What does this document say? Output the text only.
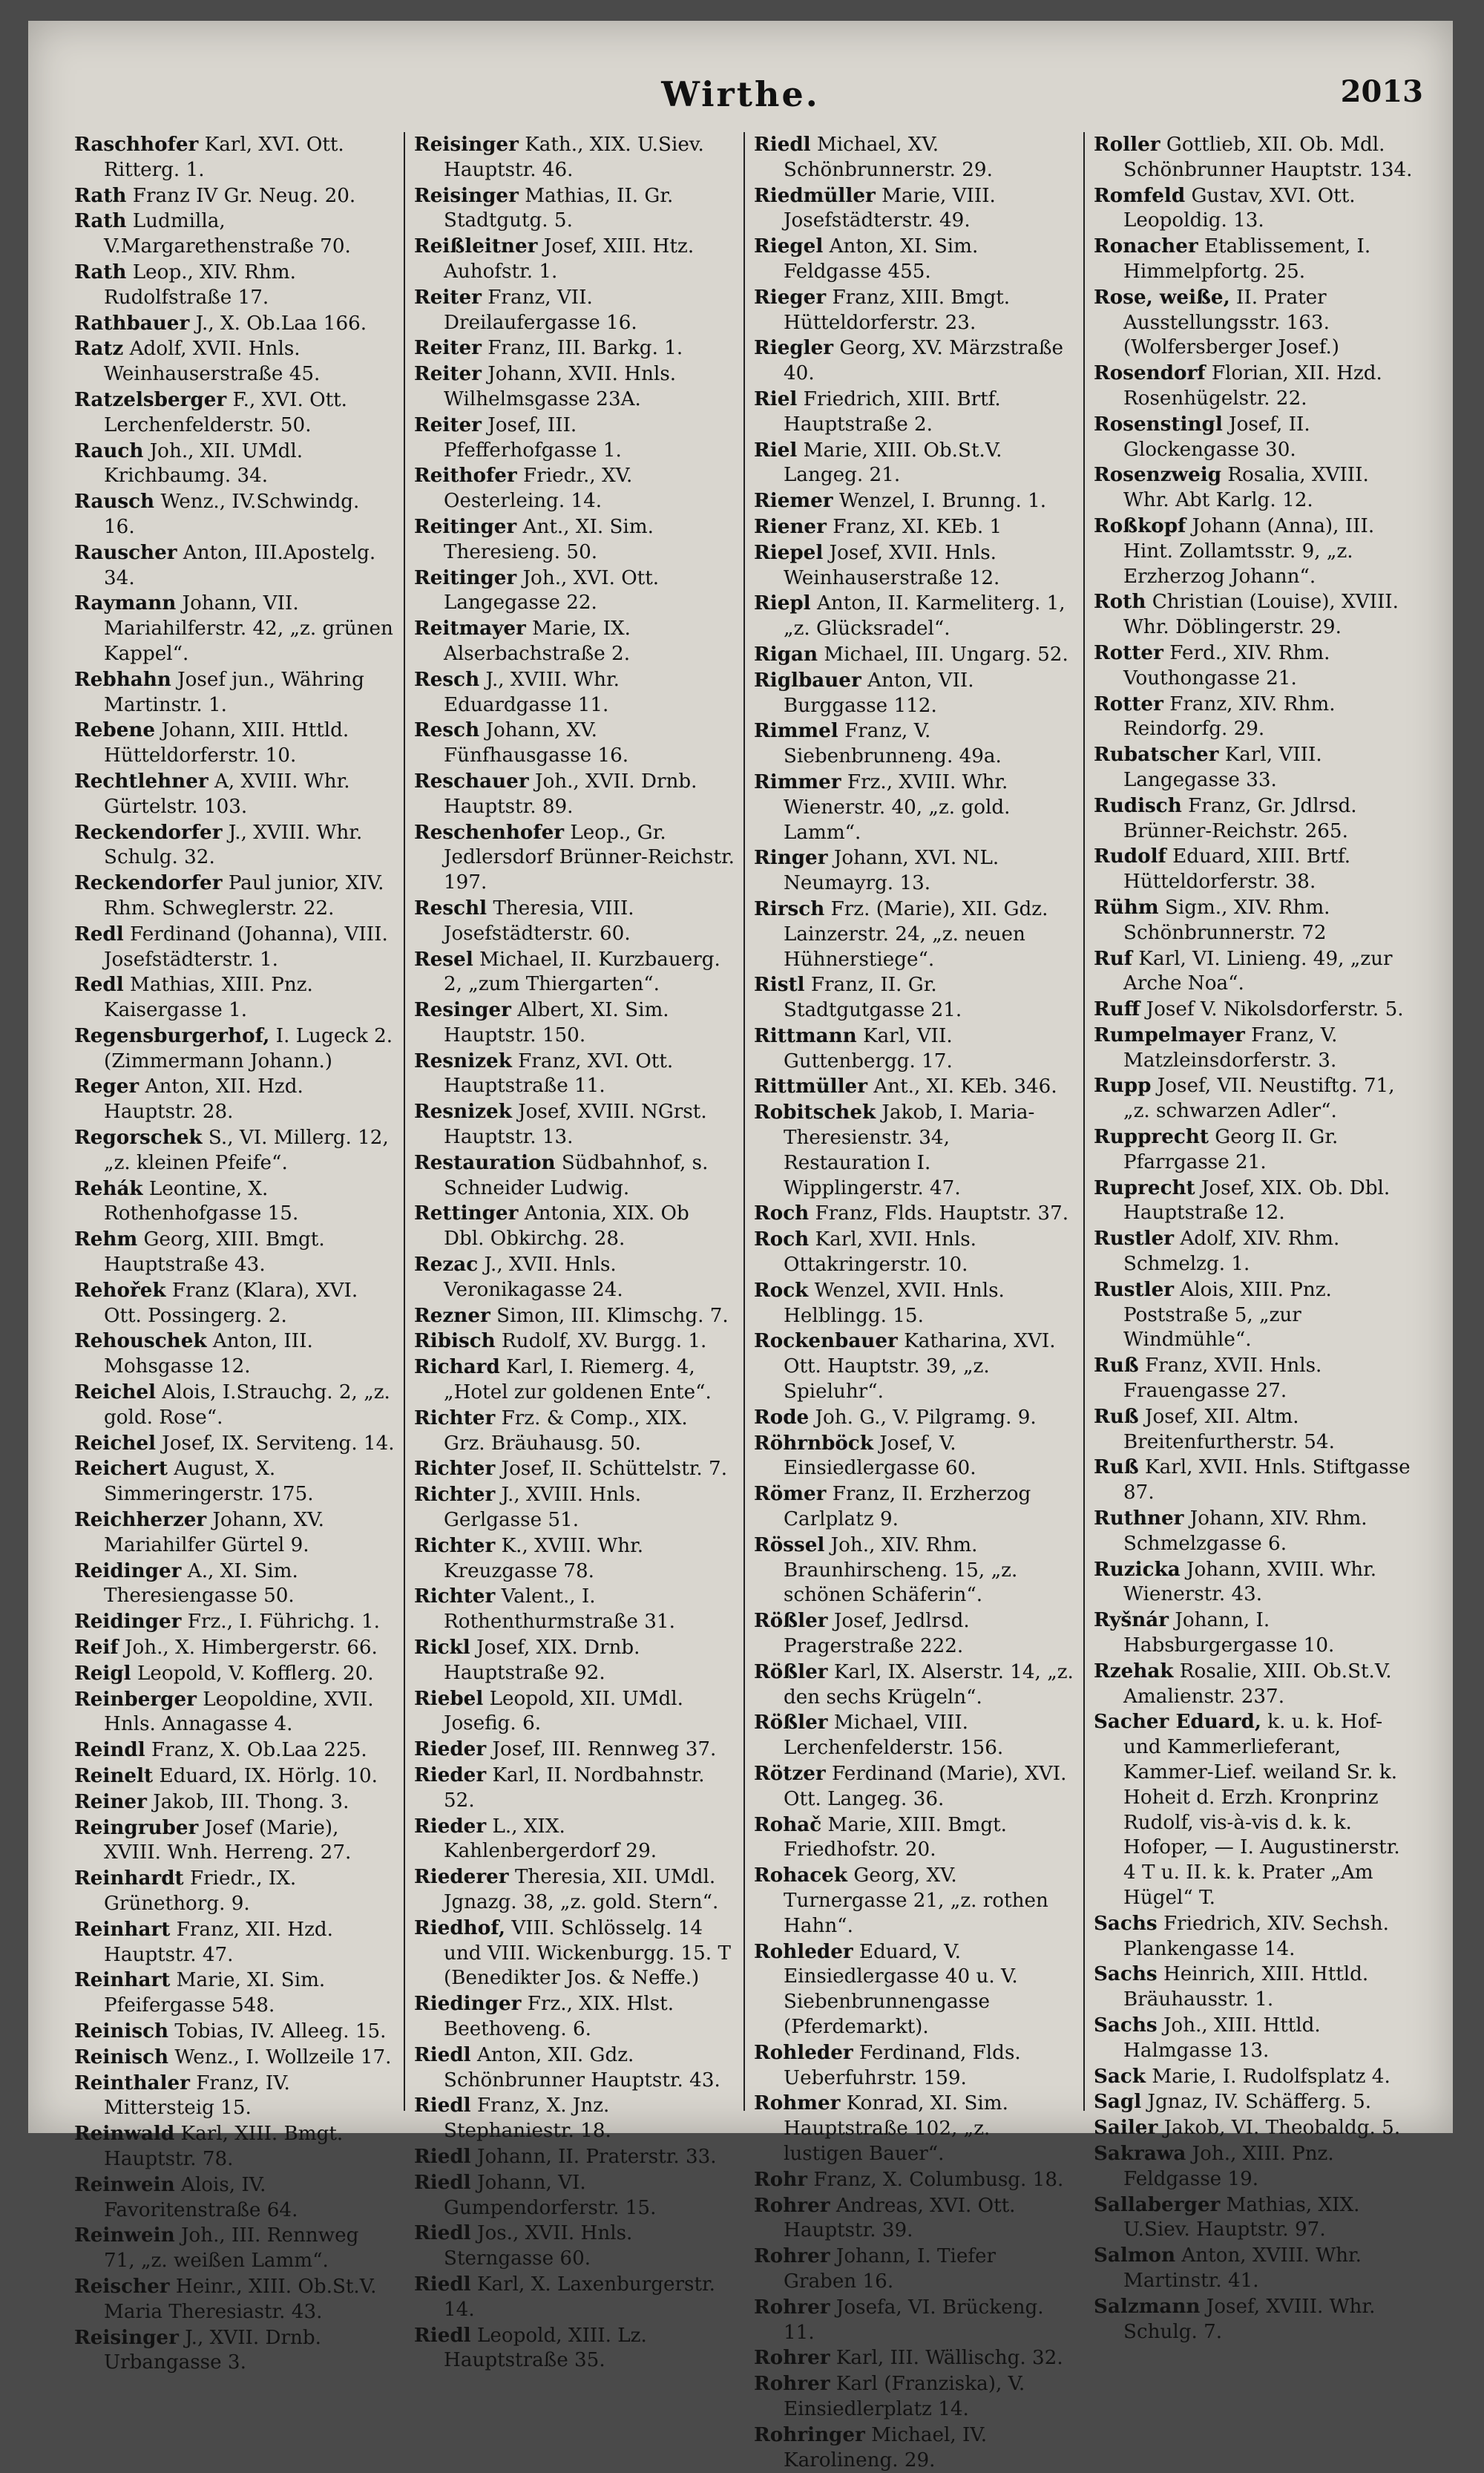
Wirthe.	2013

Raschhofer Karl, XVI. Ott. Ritterg. 1.

Rath Franz IV Gr. Neug. 20.

Rath Ludmilla, V.Margarethenstraße 70.

Rath Leop., XIV. Rhm. Rudolfstraße 17.

Rathbauer J., X. Ob.Laa 166.

Ratz Adolf, XVII. Hnls. Weinhauserstraße 45.

Ratzelsberger F., XVI. Ott. Lerchenfelderstr. 50.

Rauch Joh., XII. UMdl. Krichbaumg. 34.

Rausch Wenz., IV.Schwindg. 16.

Rauscher Anton, III.Apostelg. 34.

Raymann Johann, VII. Mariahilferstr. 42, „z. grünen Kappel“.

Rebhahn Josef jun., Währing Martinstr. 1.

Rebene Johann, XIII. Httld. Hütteldorferstr. 10.

Rechtlehner A, XVIII. Whr. Gürtelstr. 103.

Reckendorfer J., XVIII. Whr. Schulg. 32.

Reckendorfer Paul junior, XIV. Rhm. Schweglerstr. 22.

Redl Ferdinand (Johanna), VIII. Josefstädterstr. 1.

Redl Mathias, XIII. Pnz. Kaisergasse 1.

Regensburgerhof, I. Lugeck 2. (Zimmermann Johann.)

Reger Anton, XII. Hzd. Hauptstr. 28.

Regorschek S., VI. Millerg. 12, „z. kleinen Pfeife“.

Rehák Leontine, X. Rothenhofgasse 15.

Rehm Georg, XIII. Bmgt. Hauptstraße 43.

Rehořek Franz (Klara), XVI. Ott. Possingerg. 2.

Rehouschek Anton, III. Mohsgasse 12.

Reichel Alois, I.Strauchg. 2, „z. gold. Rose“.

Reichel Josef, IX. Serviteng. 14.

Reichert August, X. Simmeringerstr. 175.

Reichherzer Johann, XV. Mariahilfer Gürtel 9.

Reidinger A., XI. Sim. Theresiengasse 50.

Reidinger Frz., I. Führichg. 1.

Reif Joh., X. Himbergerstr. 66.

Reigl Leopold, V. Kofflerg. 20.

Reinberger Leopoldine, XVII. Hnls. Annagasse 4.

Reindl Franz, X. Ob.Laa 225.

Reinelt Eduard, IX. Hörlg. 10.

Reiner Jakob, III. Thong. 3.

Reingruber Josef (Marie), XVIII. Wnh. Herreng. 27.

Reinhardt Friedr., IX. Grünethorg. 9.

Reinhart Franz, XII. Hzd. Hauptstr. 47.

Reinhart Marie, XI. Sim. Pfeifergasse 548.

Reinisch Tobias, IV. Alleeg. 15.

Reinisch Wenz., I. Wollzeile 17.

Reinthaler Franz, IV. Mittersteig 15.

Reinwald Karl, XIII. Bmgt. Hauptstr. 78.

Reinwein Alois, IV. Favoritenstraße 64.

Reinwein Joh., III. Rennweg 71, „z. weißen Lamm“.

Reischer Heinr., XIII. Ob.St.V. Maria Theresiastr. 43.

Reisinger J., XVII. Drnb. Urbangasse 3.

Reisinger Kath., XIX. U.Siev. Hauptstr. 46.

Reisinger Mathias, II. Gr. Stadtgutg. 5.

Reißleitner Josef, XIII. Htz. Auhofstr. 1.

Reiter Franz, VII. Dreilaufergasse 16.

Reiter Franz, III. Barkg. 1.

Reiter Johann, XVII. Hnls. Wilhelmsgasse 23A.

Reiter Josef, III. Pfefferhofgasse 1.

Reithofer Friedr., XV. Oesterleing. 14.

Reitinger Ant., XI. Sim. Theresieng. 50.

Reitinger Joh., XVI. Ott. Langegasse 22.

Reitmayer Marie, IX. Alserbachstraße 2.

Resch J., XVIII. Whr. Eduardgasse 11.

Resch Johann, XV. Fünfhausgasse 16.

Reschauer Joh., XVII. Drnb. Hauptstr. 89.

Reschenhofer Leop., Gr. Jedlersdorf Brünner-Reichstr. 197.

Reschl Theresia, VIII. Josefstädterstr. 60.

Resel Michael, II. Kurzbauerg. 2, „zum Thiergarten“.

Resinger Albert, XI. Sim. Hauptstr. 150.

Resnizek Franz, XVI. Ott. Hauptstraße 11.

Resnizek Josef, XVIII. NGrst. Hauptstr. 13.

Restauration Südbahnhof, s. Schneider Ludwig.

Rettinger Antonia, XIX. Ob Dbl. Obkirchg. 28.

Rezac J., XVII. Hnls. Veronikagasse 24.

Rezner Simon, III. Klimschg. 7.

Ribisch Rudolf, XV. Burgg. 1.

Richard Karl, I. Riemerg. 4, „Hotel zur goldenen Ente“.

Richter Frz. & Comp., XIX. Grz. Bräuhausg. 50.

Richter Josef, II. Schüttelstr. 7.

Richter J., XVIII. Hnls. Gerlgasse 51.

Richter K., XVIII. Whr. Kreuzgasse 78.

Richter Valent., I. Rothenthurmstraße 31.

Rickl Josef, XIX. Drnb. Hauptstraße 92.

Riebel Leopold, XII. UMdl. Josefig. 6.

Rieder Josef, III. Rennweg 37.

Rieder Karl, II. Nordbahnstr. 52.

Rieder L., XIX. Kahlenbergerdorf 29.

Riederer Theresia, XII. UMdl. Jgnazg. 38, „z. gold. Stern“.

Riedhof, VIII. Schlösselg. 14 und VIII. Wickenburgg. 15. T (Benedikter Jos. & Neffe.)

Riedinger Frz., XIX. Hlst. Beethoveng. 6.

Riedl Anton, XII. Gdz. Schönbrunner Hauptstr. 43.

Riedl Franz, X. Jnz. Stephaniestr. 18.

Riedl Johann, II. Praterstr. 33.

Riedl Johann, VI. Gumpendorferstr. 15.

Riedl Jos., XVII. Hnls. Sterngasse 60.

Riedl Karl, X. Laxenburgerstr. 14.

Riedl Leopold, XIII. Lz. Hauptstraße 35.

Riedl Michael, XV. Schönbrunnerstr. 29.

Riedmüller Marie, VIII. Josefstädterstr. 49.

Riegel Anton, XI. Sim. Feldgasse 455.

Rieger Franz, XIII. Bmgt. Hütteldorferstr. 23.

Riegler Georg, XV. Märzstraße 40.

Riel Friedrich, XIII. Brtf. Hauptstraße 2.

Riel Marie, XIII. Ob.St.V. Langeg. 21.

Riemer Wenzel, I. Brunng. 1.

Riener Franz, XI. KEb. 1

Riepel Josef, XVII. Hnls. Weinhauserstraße 12.

Riepl Anton, II. Karmeliterg. 1, „z. Glücksradel“.

Rigan Michael, III. Ungarg. 52.

Riglbauer Anton, VII. Burggasse 112.

Rimmel Franz, V. Siebenbrunneng. 49a.

Rimmer Frz., XVIII. Whr. Wienerstr. 40, „z. gold. Lamm“.

Ringer Johann, XVI. NL. Neumayrg. 13.

Rirsch Frz. (Marie), XII. Gdz. Lainzerstr. 24, „z. neuen Hühnerstiege“.

Ristl Franz, II. Gr. Stadtgutgasse 21.

Rittmann Karl, VII. Guttenbergg. 17.

Rittmüller Ant., XI. KEb. 346.

Robitschek Jakob, I. Maria-Theresienstr. 34, Restauration I. Wipplingerstr. 47.

Roch Franz, Flds. Hauptstr. 37.

Roch Karl, XVII. Hnls. Ottakringerstr. 10.

Rock Wenzel, XVII. Hnls. Helblingg. 15.

Rockenbauer Katharina, XVI. Ott. Hauptstr. 39, „z. Spieluhr“.

Rode Joh. G., V. Pilgramg. 9.

Röhrnböck Josef, V. Einsiedlergasse 60.

Römer Franz, II. Erzherzog Carlplatz 9.

Rössel Joh., XIV. Rhm. Braunhirscheng. 15, „z. schönen Schäferin“.

Rößler Josef, Jedlrsd. Pragerstraße 222.

Rößler Karl, IX. Alserstr. 14, „z. den sechs Krügeln“.

Rößler Michael, VIII. Lerchenfelderstr. 156.

Rötzer Ferdinand (Marie), XVI. Ott. Langeg. 36.

Rohač Marie, XIII. Bmgt. Friedhofstr. 20.

Rohacek Georg, XV. Turnergasse 21, „z. rothen Hahn“.

Rohleder Eduard, V. Einsiedlergasse 40 u. V. Siebenbrunnengasse (Pferdemarkt).

Rohleder Ferdinand, Flds. Ueberfuhrstr. 159.

Rohmer Konrad, XI. Sim. Hauptstraße 102, „z. lustigen Bauer“.

Rohr Franz, X. Columbusg. 18.

Rohrer Andreas, XVI. Ott. Hauptstr. 39.

Rohrer Johann, I. Tiefer Graben 16.

Rohrer Josefa, VI. Brückeng. 11.

Rohrer Karl, III. Wällischg. 32.

Rohrer Karl (Franziska), V. Einsiedlerplatz 14.

Rohringer Michael, IV. Karolineng. 29.

Roller Gottlieb, XII. Ob. Mdl. Schönbrunner Hauptstr. 134.

Romfeld Gustav, XVI. Ott. Leopoldig. 13.

Ronacher Etablissement, I. Himmelpfortg. 25.

Rose, weiße, II. Prater Ausstellungsstr. 163. (Wolfersberger Josef.)

Rosendorf Florian, XII. Hzd. Rosenhügelstr. 22.

Rosenstingl Josef, II. Glockengasse 30.

Rosenzweig Rosalia, XVIII. Whr. Abt Karlg. 12.

Roßkopf Johann (Anna), III. Hint. Zollamtsstr. 9, „z. Erzherzog Johann“.

Roth Christian (Louise), XVIII. Whr. Döblingerstr. 29.

Rotter Ferd., XIV. Rhm. Vouthongasse 21.

Rotter Franz, XIV. Rhm. Reindorfg. 29.

Rubatscher Karl, VIII. Langegasse 33.

Rudisch Franz, Gr. Jdlrsd. Brünner-Reichstr. 265.

Rudolf Eduard, XIII. Brtf. Hütteldorferstr. 38.

Rühm Sigm., XIV. Rhm. Schönbrunnerstr. 72

Ruf Karl, VI. Linieng. 49, „zur Arche Noa“.

Ruff Josef V. Nikolsdorferstr. 5.

Rumpelmayer Franz, V. Matzleinsdorferstr. 3.

Rupp Josef, VII. Neustiftg. 71, „z. schwarzen Adler“.

Rupprecht Georg II. Gr. Pfarrgasse 21.

Ruprecht Josef, XIX. Ob. Dbl. Hauptstraße 12.

Rustler Adolf, XIV. Rhm. Schmelzg. 1.

Rustler Alois, XIII. Pnz. Poststraße 5, „zur Windmühle“.

Ruß Franz, XVII. Hnls. Frauengasse 27.

Ruß Josef, XII. Altm. Breitenfurtherstr. 54.

Ruß Karl, XVII. Hnls. Stiftgasse 87.

Ruthner Johann, XIV. Rhm. Schmelzgasse 6.

Ruzicka Johann, XVIII. Whr. Wienerstr. 43.

Ryšnár Johann, I. Habsburgergasse 10.

Rzehak Rosalie, XIII. Ob.St.V. Amalienstr. 237.

Sacher Eduard, k. u. k. Hof- und Kammerlieferant, Kammer-Lief. weiland Sr. k. Hoheit d. Erzh. Kronprinz Rudolf, vis-à-vis d. k. k. Hofoper, — I. Augustinerstr. 4 T u. II. k. k. Prater „Am Hügel“ T.

Sachs Friedrich, XIV. Sechsh. Plankengasse 14.

Sachs Heinrich, XIII. Httld. Bräuhausstr. 1.

Sachs Joh., XIII. Httld. Halmgasse 13.

Sack Marie, I. Rudolfsplatz 4.

Sagl Jgnaz, IV. Schäfferg. 5.

Sailer Jakob, VI. Theobaldg. 5.

Sakrawa Joh., XIII. Pnz. Feldgasse 19.

Sallaberger Mathias, XIX. U.Siev. Hauptstr. 97.

Salmon Anton, XVIII. Whr. Martinstr. 41.

Salzmann Josef, XVIII. Whr. Schulg. 7.
